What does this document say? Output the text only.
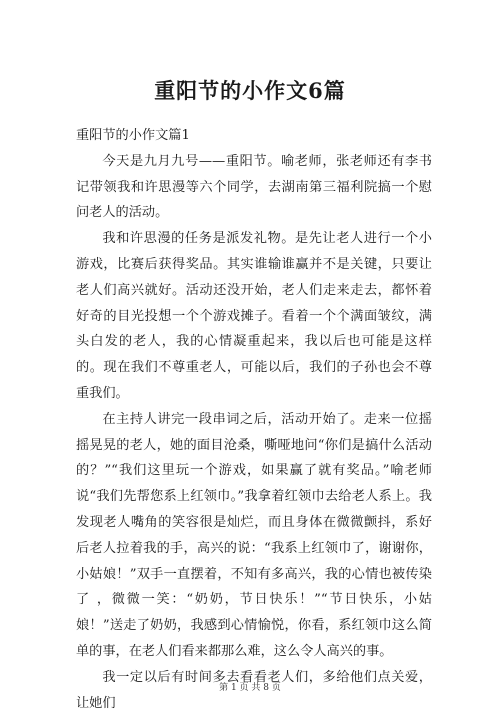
重阳节的小作文6篇

重阳节的小作文篇1

今天是九月九号——重阳节。喻老师，张老师还有李书记带领我和许思漫等六个同学，去湖南第三福利院搞一个慰问老人的活动。

我和许思漫的任务是派发礼物。是先让老人进行一个小游戏，比赛后获得奖品。其实谁输谁赢并不是关键，只要让老人们高兴就好。活动还没开始，老人们走来走去，都怀着好奇的目光投想一个个游戏摊子。看着一个个满面皱纹，满头白发的老人，我的心情凝重起来，我以后也可能是这样的。现在我们不尊重老人，可能以后，我们的子孙也会不尊重我们。

在主持人讲完一段串词之后，活动开始了。走来一位摇摇晃晃的老人，她的面目沧桑，嘶哑地问“你们是搞什么活动的？”“我们这里玩一个游戏，如果赢了就有奖品。”喻老师说“我们先帮您系上红领巾。”我拿着红领巾去给老人系上。我发现老人嘴角的笑容很是灿烂，而且身体在微微颤抖，系好后老人拉着我的手，高兴的说：“我系上红领巾了，谢谢你，小姑娘！”双手一直摆着，不知有多高兴，我的心情也被传染了 ，微微一笑：“奶奶，节日快乐！”“节日快乐，小姑娘！”送走了奶奶，我感到心情愉悦，你看，系红领巾这么简单的事，在老人们看来都那么难，这么令人高兴的事。

我一定以后有时间多去看看老人们，多给他们点关爱，让她们

第 1 页 共 8 页
